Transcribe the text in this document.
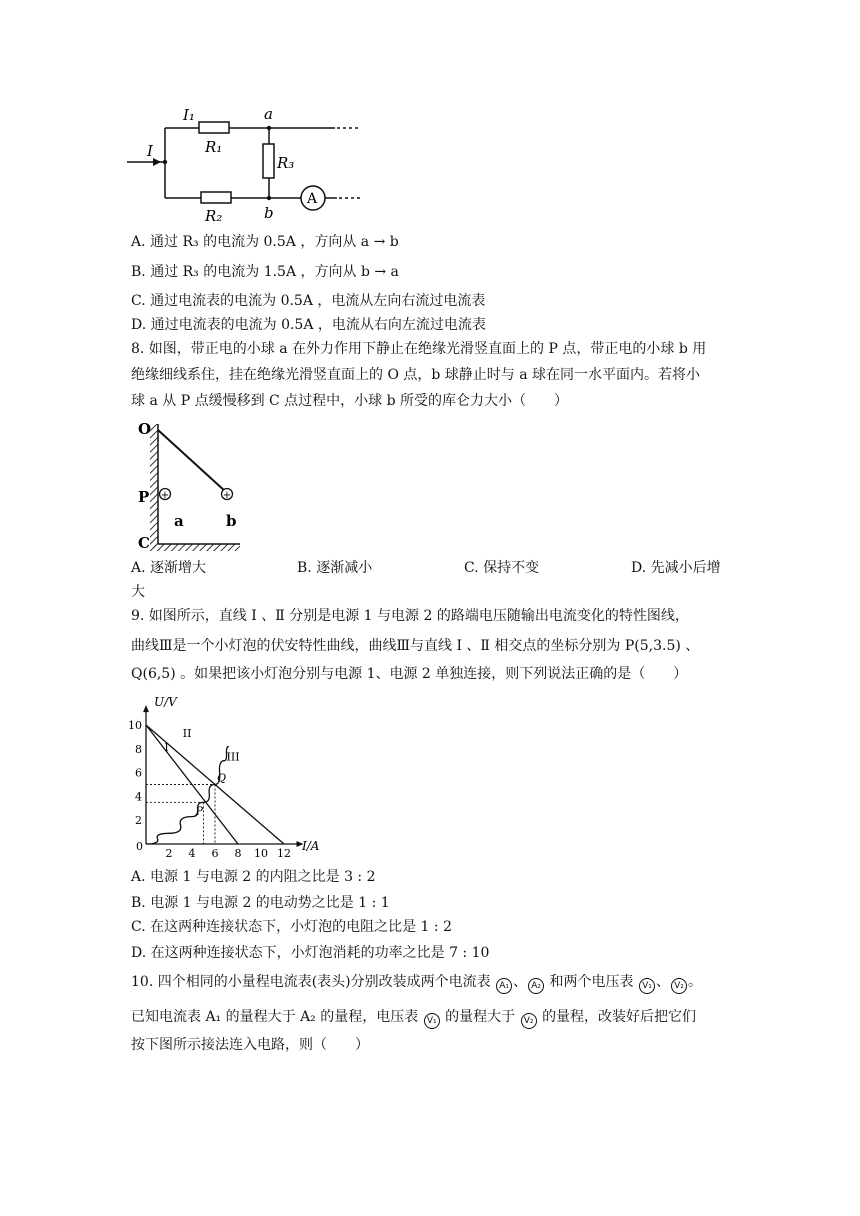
I₁	a
I	R₁
R₃
A
R₂	b
A. 通过 R₃ 的电流为 0.5A ，方向从 a → b
B. 通过 R₃ 的电流为 1.5A ，方向从 b → a
C. 通过电流表的电流为 0.5A ，电流从左向右流过电流表
D. 通过电流表的电流为 0.5A ，电流从右向左流过电流表
8. 如图，带正电的小球 a 在外力作用下静止在绝缘光滑竖直面上的 P 点，带正电的小球 b 用
绝缘细线系住，挂在绝缘光滑竖直面上的 O 点，b 球静止时与 a 球在同一水平面内。若将小
球 a 从 P 点缓慢移到 C 点过程中，小球 b 所受的库仑力大小（　　）
+	+
O
P
C
a	b
A. 逐渐增大	B. 逐渐减小	C. 保持不变	D. 先减小后增
大
9. 如图所示，直线 Ⅰ 、Ⅱ 分别是电源 1 与电源 2 的路端电压随输出电流变化的特性图线，
曲线Ⅲ是一个小灯泡的伏安特性曲线，曲线Ⅲ与直线 Ⅰ 、Ⅱ 相交点的坐标分别为 P(5,3.5) 、
Q(6,5) 。如果把该小灯泡分别与电源 1、电源 2 单独连接，则下列说法正确的是（　　）
I
II
III
P
Q
2 4 6 8 10 12
2
4
6
8
10
I/A
U/V
0
A. 电源 1 与电源 2 的内阻之比是 3 : 2
B. 电源 1 与电源 2 的电动势之比是 1 : 1
C. 在这两种连接状态下，小灯泡的电阻之比是 1 : 2
D. 在这两种连接状态下，小灯泡消耗的功率之比是 7 : 10
10. 四个相同的小量程电流表(表头)分别改装成两个电流表 A₁ 、 A₂ 和两个电压表 V₁ 、 V₂ 。
已知电流表 A₁ 的量程大于 A₂ 的量程，电压表 V₁ 的量程大于 V₂ 的量程，改装好后把它们
按下图所示接法连入电路，则（　　）
